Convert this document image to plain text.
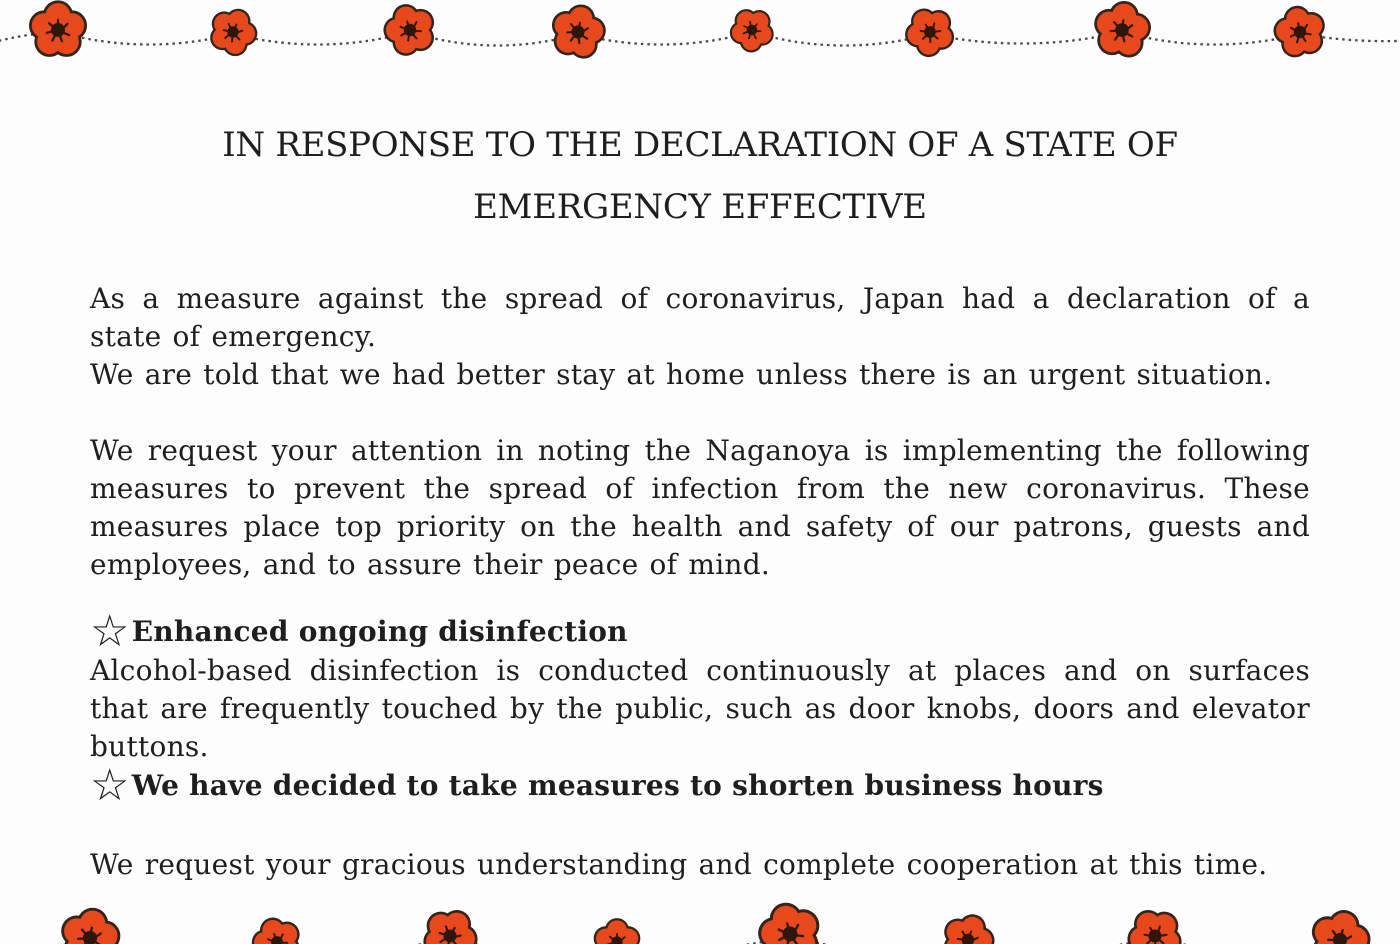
IN RESPONSE TO THE DECLARATION OF A STATE OF
EMERGENCY EFFECTIVE
As a measure against the spread of coronavirus, Japan had a declaration of a state of emergency.
We are told that we had better stay at home unless there is an urgent situation.
We request your attention in noting the Naganoya is implementing the following measures to prevent the spread of infection from the new coronavirus. These measures place top priority on the health and safety of our patrons, guests and employees, and to assure their peace of mind.
☆Enhanced ongoing disinfection
Alcohol-based disinfection is conducted continuously at places and on surfaces that are frequently touched by the public, such as door knobs, doors and elevator buttons.
☆We have decided to take measures to shorten business hours
We request your gracious understanding and complete cooperation at this time.
